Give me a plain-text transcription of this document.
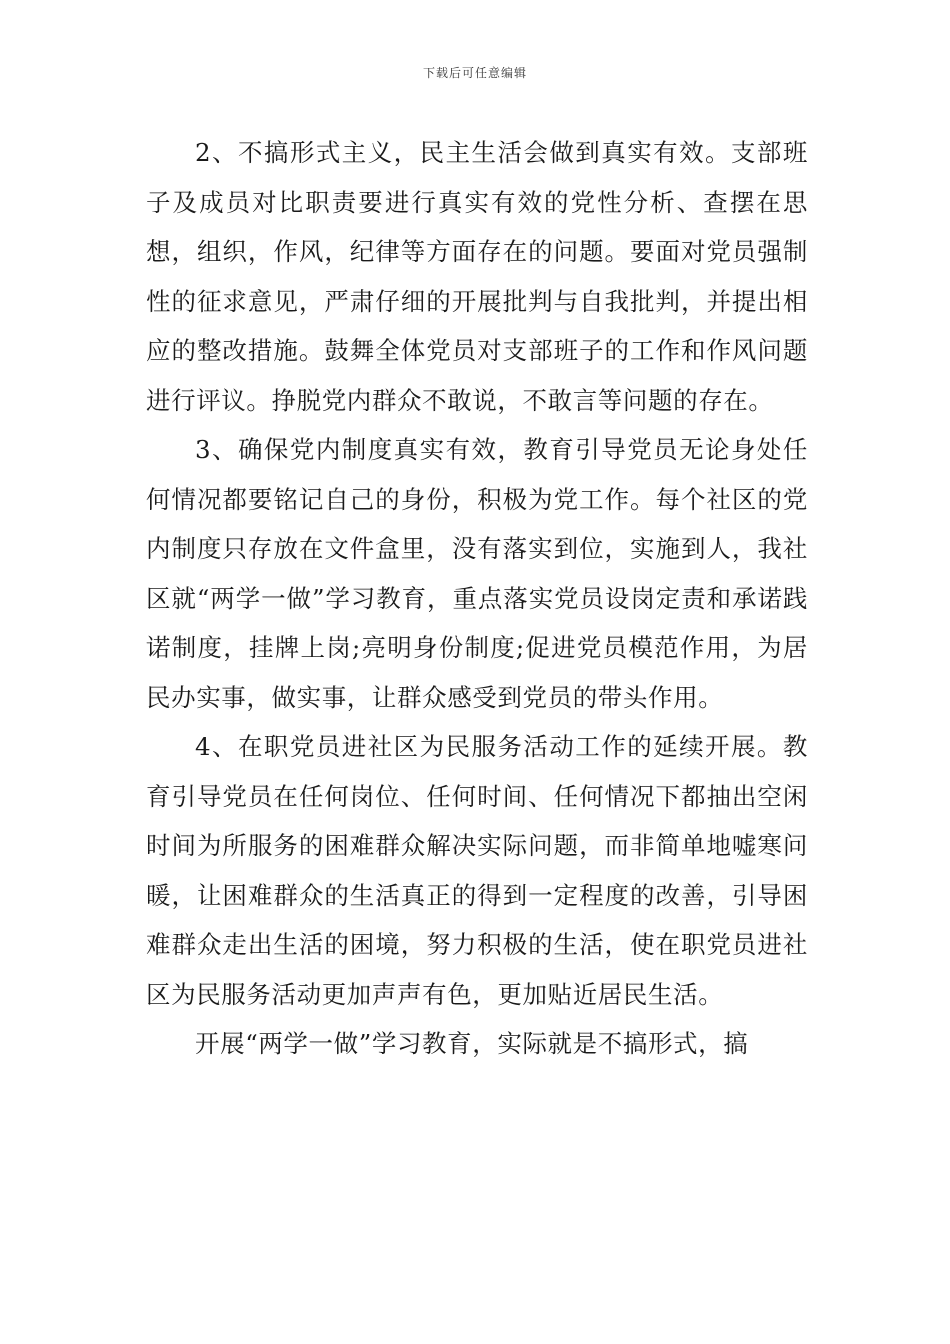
下载后可任意编辑

2、不搞形式主义，民主生活会做到真实有效。支部班子及成员对比职责要进行真实有效的党性分析、查摆在思想，组织，作风，纪律等方面存在的问题。要面对党员强制性的征求意见，严肃仔细的开展批判与自我批判，并提出相应的整改措施。鼓舞全体党员对支部班子的工作和作风问题进行评议。挣脱党内群众不敢说，不敢言等问题的存在。

3、确保党内制度真实有效，教育引导党员无论身处任何情况都要铭记自己的身份，积极为党工作。每个社区的党内制度只存放在文件盒里，没有落实到位，实施到人，我社区就“两学一做”学习教育，重点落实党员设岗定责和承诺践诺制度，挂牌上岗;亮明身份制度;促进党员模范作用，为居民办实事，做实事，让群众感受到党员的带头作用。

4、在职党员进社区为民服务活动工作的延续开展。教育引导党员在任何岗位、任何时间、任何情况下都抽出空闲时间为所服务的困难群众解决实际问题，而非简单地嘘寒问暖，让困难群众的生活真正的得到一定程度的改善，引导困难群众走出生活的困境，努力积极的生活，使在职党员进社区为民服务活动更加声声有色，更加贴近居民生活。

开展“两学一做”学习教育，实际就是不搞形式，搞
